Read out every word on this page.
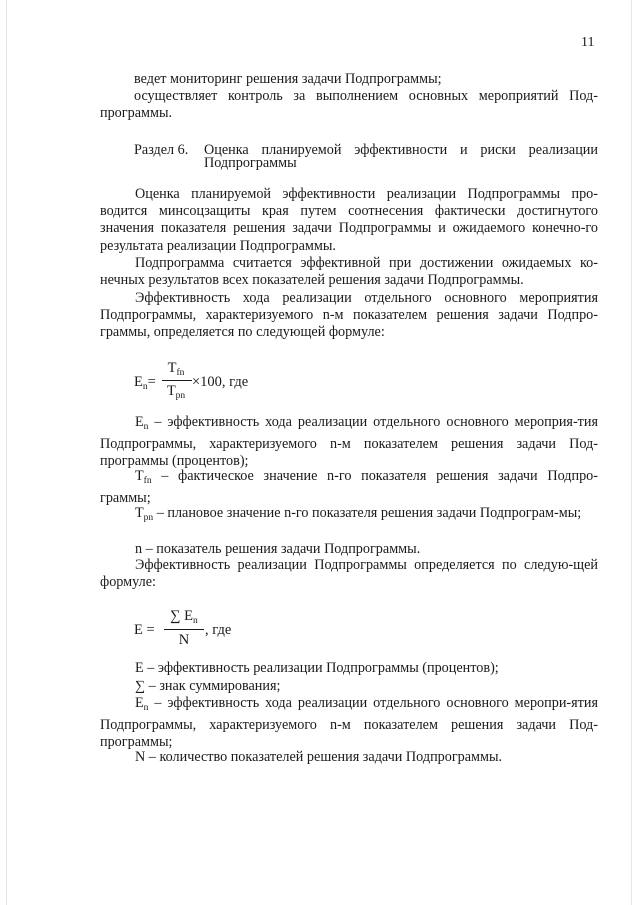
11

ведет мониторинг решения задачи Подпрограммы;

осуществляет контроль за выполнением основных мероприятий Под-

программы.

Раздел 6.	Оценка планируемой эффективности и риски реализации
Подпрограммы

Оценка планируемой эффективности реализации Подпрограммы про-водится минсоцзащиты края путем соотнесения фактически достигнутого значения показателя решения задачи Подпрограммы и ожидаемого конечно-го результата реализации Подпрограммы.

Подпрограмма считается эффективной при достижении ожидаемых ко-нечных результатов всех показателей решения задачи Подпрограммы.

Эффективность хода реализации отдельного основного мероприятия Подпрограммы, характеризуемого n-м показателем решения задачи Подпро-граммы, определяется по следующей формуле:

$E_n=$
$T_{fn}$
$T_{pn}$
×100, где

$E_n$ – эффективность хода реализации отдельного основного мероприя-тия Подпрограммы, характеризуемого n-м показателем решения задачи Под-программы (процентов);

$T_{fn}$ – фактическое значение n-го показателя решения задачи Подпро-граммы;

$T_{pn}$ – плановое значение n-го показателя решения задачи Подпрограм-мы;

n – показатель решения задачи Подпрограммы.

Эффективность реализации Подпрограммы определяется по следую-щей формуле:

E =
∑ $E_n$
N
, где

E – эффективность реализации Подпрограммы (процентов);

∑ – знак суммирования;

$E_n$ – эффективность хода реализации отдельного основного меропри-ятия Подпрограммы, характеризуемого n-м показателем решения задачи Под-программы;

N – количество показателей решения задачи Подпрограммы.
